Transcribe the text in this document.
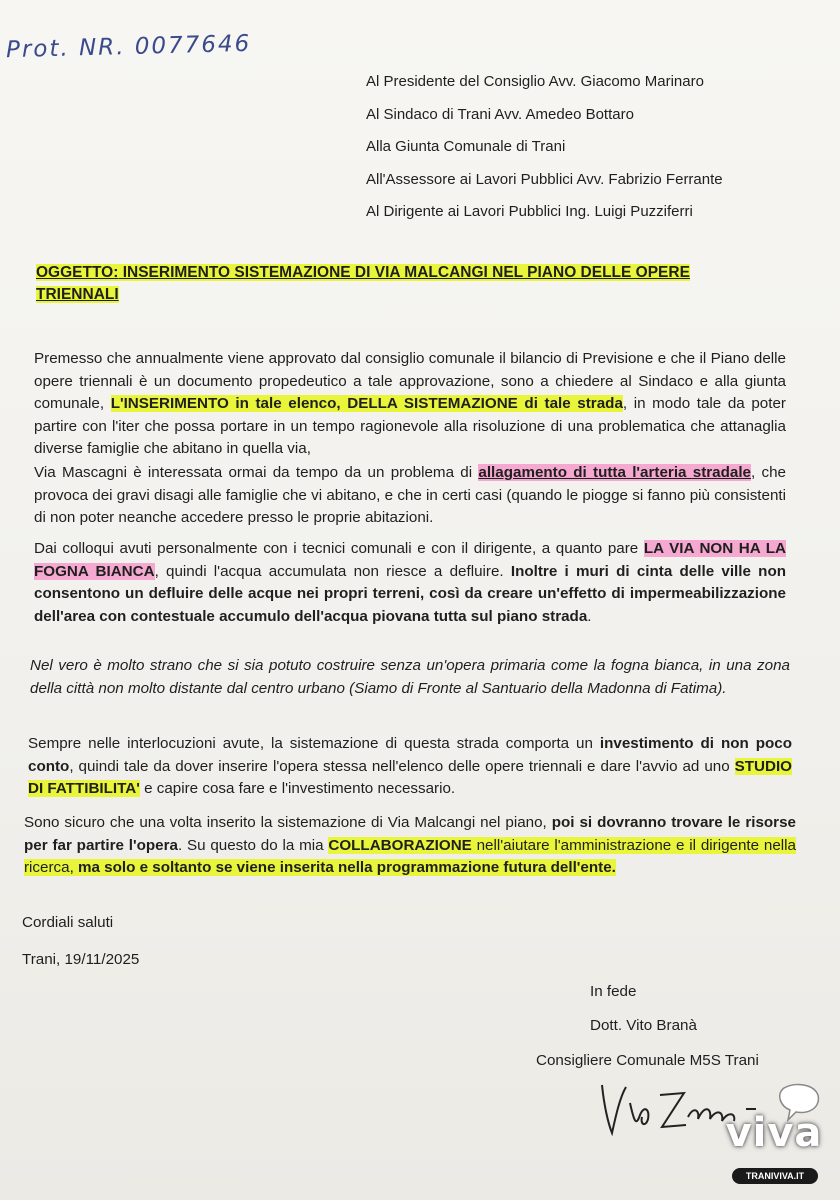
Prot. NR. 0077646
Al Presidente del Consiglio Avv. Giacomo Marinaro
Al Sindaco di Trani Avv. Amedeo Bottaro
Alla Giunta Comunale di Trani
All'Assessore ai Lavori Pubblici Avv. Fabrizio Ferrante
Al Dirigente ai Lavori Pubblici Ing. Luigi Puzziferri
OGGETTO: INSERIMENTO SISTEMAZIONE DI VIA MALCANGI NEL PIANO DELLE OPERE TRIENNALI
Premesso che annualmente viene approvato dal consiglio comunale il bilancio di Previsione e che il Piano delle opere triennali è un documento propedeutico a tale approvazione, sono a chiedere al Sindaco e alla giunta comunale, L'INSERIMENTO in tale elenco, DELLA SISTEMAZIONE di tale strada, in modo tale da poter partire con l'iter che possa portare in un tempo ragionevole alla risoluzione di una problematica che attanaglia diverse famiglie che abitano in quella via,
Via Mascagni è interessata ormai da tempo da un problema di allagamento di tutta l'arteria stradale, che provoca dei gravi disagi alle famiglie che vi abitano, e che in certi casi (quando le piogge si fanno più consistenti di non poter neanche accedere presso le proprie abitazioni.
Dai colloqui avuti personalmente con i tecnici comunali e con il dirigente, a quanto pare LA VIA NON HA LA FOGNA BIANCA, quindi l'acqua accumulata non riesce a defluire. Inoltre i muri di cinta delle ville non consentono un defluire delle acque nei propri terreni, così da creare un'effetto di impermeabilizzazione dell'area con contestuale accumulo dell'acqua piovana tutta sul piano strada.
Nel vero è molto strano che si sia potuto costruire senza un'opera primaria come la fogna bianca, in una zona della città non molto distante dal centro urbano (Siamo di Fronte al Santuario della Madonna di Fatima).
Sempre nelle interlocuzioni avute, la sistemazione di questa strada comporta un investimento di non poco conto, quindi tale da dover inserire l'opera stessa nell'elenco delle opere triennali e dare l'avvio ad uno STUDIO DI FATTIBILITA' e capire cosa fare e l'investimento necessario.
Sono sicuro che una volta inserito la sistemazione di Via Malcangi nel piano, poi si dovranno trovare le risorse per far partire l'opera. Su questo do la mia COLLABORAZIONE nell'aiutare l'amministrazione e il dirigente nella ricerca, ma solo e soltanto se viene inserita nella programmazione futura dell'ente.
Cordiali saluti
Trani, 19/11/2025
In fede
Dott. Vito Branà
Consigliere Comunale M5S Trani
viva
TRANIVIVA.IT
